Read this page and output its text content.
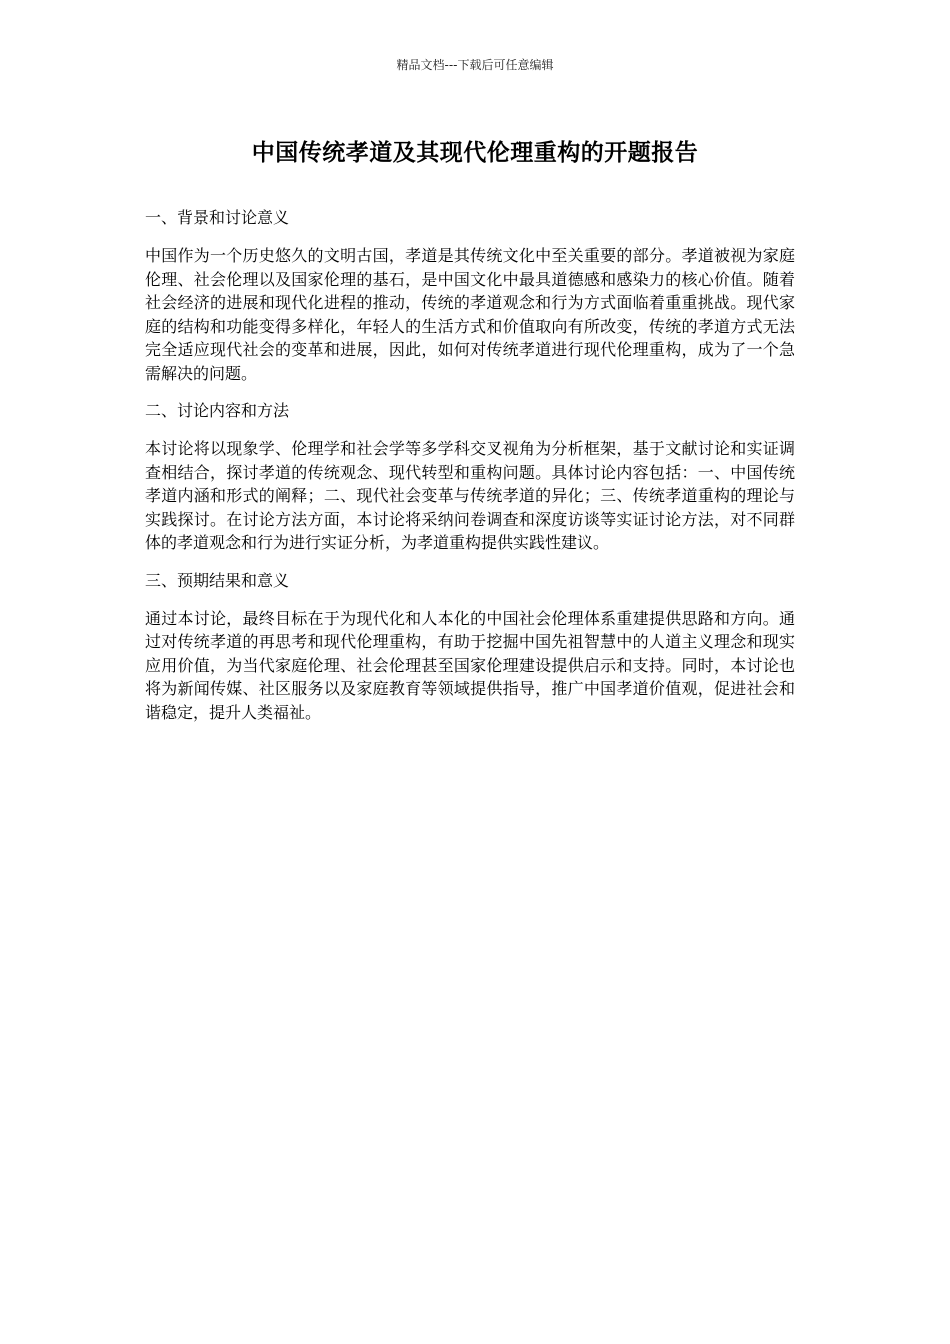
精品文档---下载后可任意编辑
中国传统孝道及其现代伦理重构的开题报告

一、背景和讨论意义

中国作为一个历史悠久的文明古国，孝道是其传统文化中至关重要的部分。孝道被视为家庭伦理、社会伦理以及国家伦理的基石，是中国文化中最具道德感和感染力的核心价值。随着社会经济的进展和现代化进程的推动，传统的孝道观念和行为方式面临着重重挑战。现代家庭的结构和功能变得多样化，年轻人的生活方式和价值取向有所改变，传统的孝道方式无法完全适应现代社会的变革和进展，因此，如何对传统孝道进行现代伦理重构，成为了一个急需解决的问题。

二、讨论内容和方法

本讨论将以现象学、伦理学和社会学等多学科交叉视角为分析框架，基于文献讨论和实证调查相结合，探讨孝道的传统观念、现代转型和重构问题。具体讨论内容包括：一、中国传统孝道内涵和形式的阐释；二、现代社会变革与传统孝道的异化；三、传统孝道重构的理论与实践探讨。在讨论方法方面，本讨论将采纳问卷调查和深度访谈等实证讨论方法，对不同群体的孝道观念和行为进行实证分析，为孝道重构提供实践性建议。

三、预期结果和意义

通过本讨论，最终目标在于为现代化和人本化的中国社会伦理体系重建提供思路和方向。通过对传统孝道的再思考和现代伦理重构，有助于挖掘中国先祖智慧中的人道主义理念和现实应用价值，为当代家庭伦理、社会伦理甚至国家伦理建设提供启示和支持。同时，本讨论也将为新闻传媒、社区服务以及家庭教育等领域提供指导，推广中国孝道价值观，促进社会和谐稳定，提升人类福祉。
